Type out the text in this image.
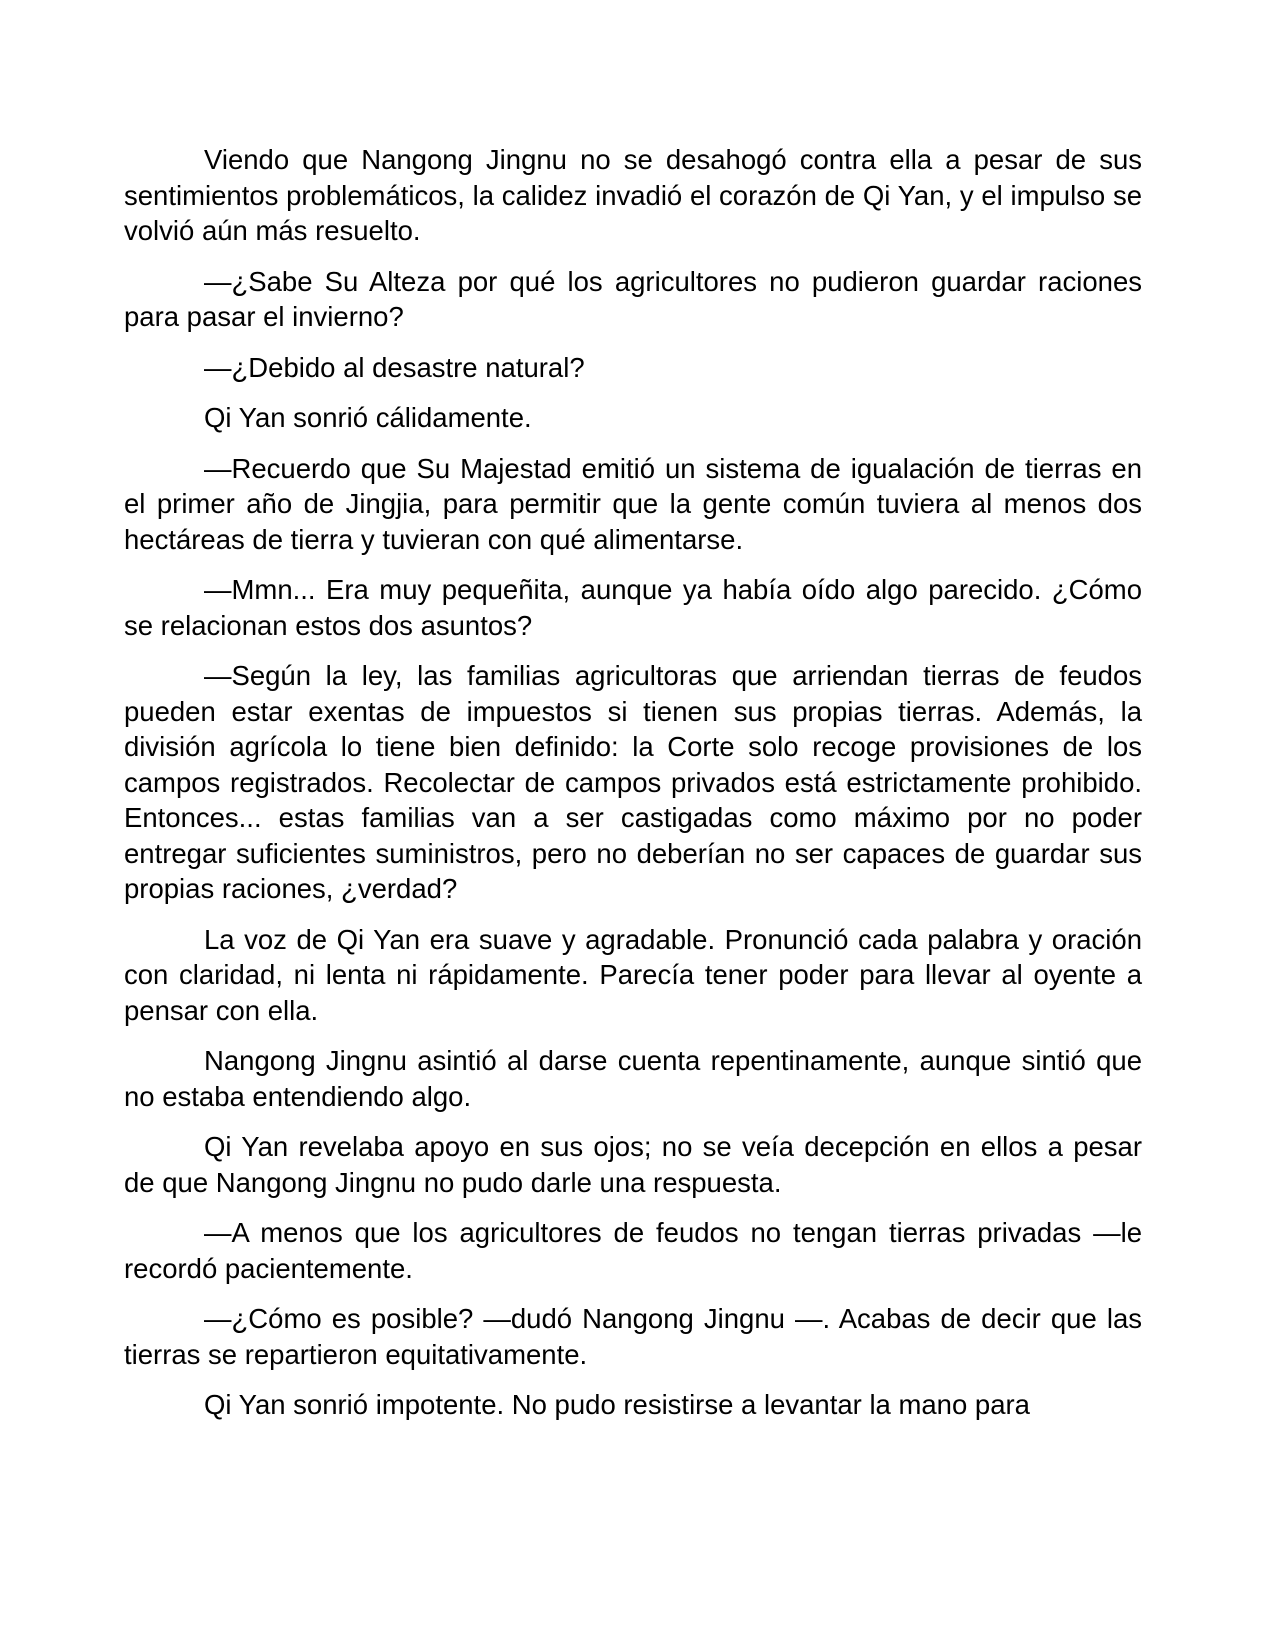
Viendo que Nangong Jingnu no se desahogó contra ella a pesar de sus sentimientos problemáticos, la calidez invadió el corazón de Qi Yan, y el impulso se volvió aún más resuelto.

—¿Sabe Su Alteza por qué los agricultores no pudieron guardar raciones para pasar el invierno?

—¿Debido al desastre natural?

Qi Yan sonrió cálidamente.

—Recuerdo que Su Majestad emitió un sistema de igualación de tierras en el primer año de Jingjia, para permitir que la gente común tuviera al menos dos hectáreas de tierra y tuvieran con qué alimentarse.

—Mmn... Era muy pequeñita, aunque ya había oído algo parecido. ¿Cómo se relacionan estos dos asuntos?

—Según la ley, las familias agricultoras que arriendan tierras de feudos pueden estar exentas de impuestos si tienen sus propias tierras. Además, la división agrícola lo tiene bien definido: la Corte solo recoge provisiones de los campos registrados. Recolectar de campos privados está estrictamente prohibido. Entonces... estas familias van a ser castigadas como máximo por no poder entregar suficientes suministros, pero no deberían no ser capaces de guardar sus propias raciones, ¿verdad?

La voz de Qi Yan era suave y agradable. Pronunció cada palabra y oración con claridad, ni lenta ni rápidamente. Parecía tener poder para llevar al oyente a pensar con ella.

Nangong Jingnu asintió al darse cuenta repentinamente, aunque sintió que no estaba entendiendo algo.

Qi Yan revelaba apoyo en sus ojos; no se veía decepción en ellos a pesar de que Nangong Jingnu no pudo darle una respuesta.

—A menos que los agricultores de feudos no tengan tierras privadas —le recordó pacientemente.

—¿Cómo es posible? —dudó Nangong Jingnu —. Acabas de decir que las tierras se repartieron equitativamente.

Qi Yan sonrió impotente. No pudo resistirse a levantar la mano para
